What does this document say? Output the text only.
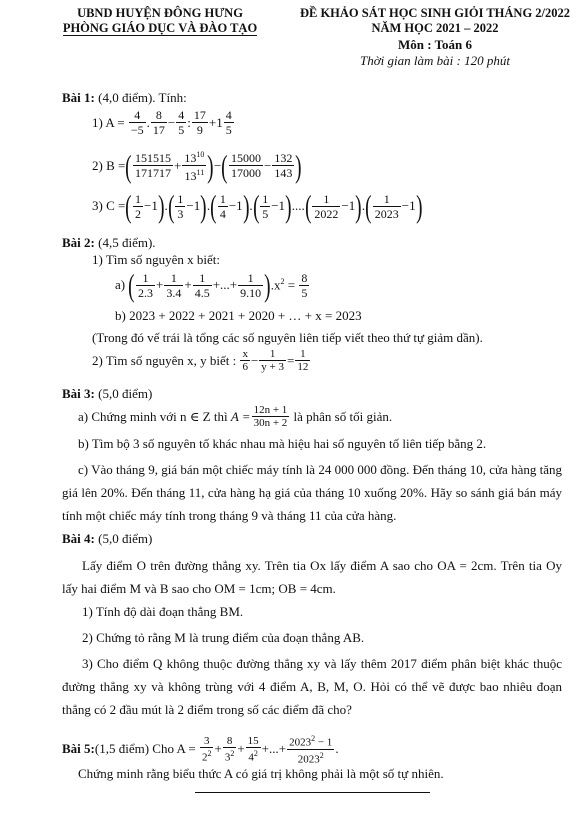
UBND HUYỆN ĐÔNG HƯNG
PHÒNG GIÁO DỤC VÀ ĐÀO TẠO
ĐỀ KHẢO SÁT HỌC SINH GIỎI THÁNG 2/2022
NĂM HỌC 2021 – 2022
Môn : Toán 6
Thời gian làm bài : 120 phút
Bài 1: (4,0 điểm). Tính:
1) A =
$\frac{4}{-5}$ . $\frac{8}{17} - \frac{4}{5}$ : $\frac{17}{9} +1 \frac{4}{5}$
2) B = ( $\frac{151515}{171717} + \frac{13^{10}}{13^{11}}$ ) − ( $\frac{15000}{17000} - \frac{132}{143}$ )
3) C = ( $\frac{1}{2} -1$ ) . ( $\frac{1}{3} -1$ ) . ( $\frac{1}{4} -1$ ) . ( $\frac{1}{5} -1$ ) .... ( $\frac{1}{2022} -1$ ) . ( $\frac{1}{2023} -1$ )
Bài 2: (4,5 điểm).
1) Tìm số nguyên x biết:
a)
( $\frac{1}{2.3} + \frac{1}{3.4} + \frac{1}{4.5}$ +...+ $\frac{1}{9.10}$ ) $.x^2$ =
$\frac{8}{5}$
b) 2023 + 2022 + 2021 + 2020 + … + x = 2023
(Trong đó vế trái là tổng các số nguyên liên tiếp viết theo thứ tự giảm dần).
2) Tìm số nguyên x, y biết :
$\frac{x}{6} - \frac{1}{y + 3} = \frac{1}{12}$
Bài 3: (5,0 điểm)
a) Chứng minh với n ∈ Z thì
$A = \frac{12n + 1}{30n + 2}$
là phân số tối giản.
b) Tìm bộ 3 số nguyên tố khác nhau mà hiệu hai số nguyên tố liên tiếp bằng 2.
c) Vào tháng 9, giá bán một chiếc máy tính là 24 000 000 đồng. Đến tháng 10, cửa hàng tăng giá lên 20%. Đến tháng 11, cửa hàng hạ giá của tháng 10 xuống 20%. Hãy so sánh giá bán máy tính một chiếc máy tính trong tháng 9 và tháng 11 của cửa hàng.
Bài 4: (5,0 điểm)
Lấy điểm O trên đường thẳng xy. Trên tia Ox lấy điểm A sao cho OA = 2cm. Trên tia Oy lấy hai điểm M và B sao cho OM = 1cm; OB = 4cm.
1) Tính độ dài đoạn thẳng BM.
2) Chứng tỏ rằng M là trung điểm của đoạn thẳng AB.
3) Cho điểm Q không thuộc đường thẳng xy và lấy thêm 2017 điểm phân biệt khác thuộc đường thẳng xy và không trùng với 4 điểm A, B, M, O. Hỏi có thể vẽ được bao nhiêu đoạn thẳng có 2 đầu mút là 2 điểm trong số các điểm đã cho?
Bài 5: (1,5 điểm) Cho A =
$\frac{3}{2^2} + \frac{8}{3^2} + \frac{15}{4^2}$ +...+ $\frac{2023^2 - 1}{2023^2}$ .
Chứng minh rằng biểu thức A có giá trị không phải là một số tự nhiên.
